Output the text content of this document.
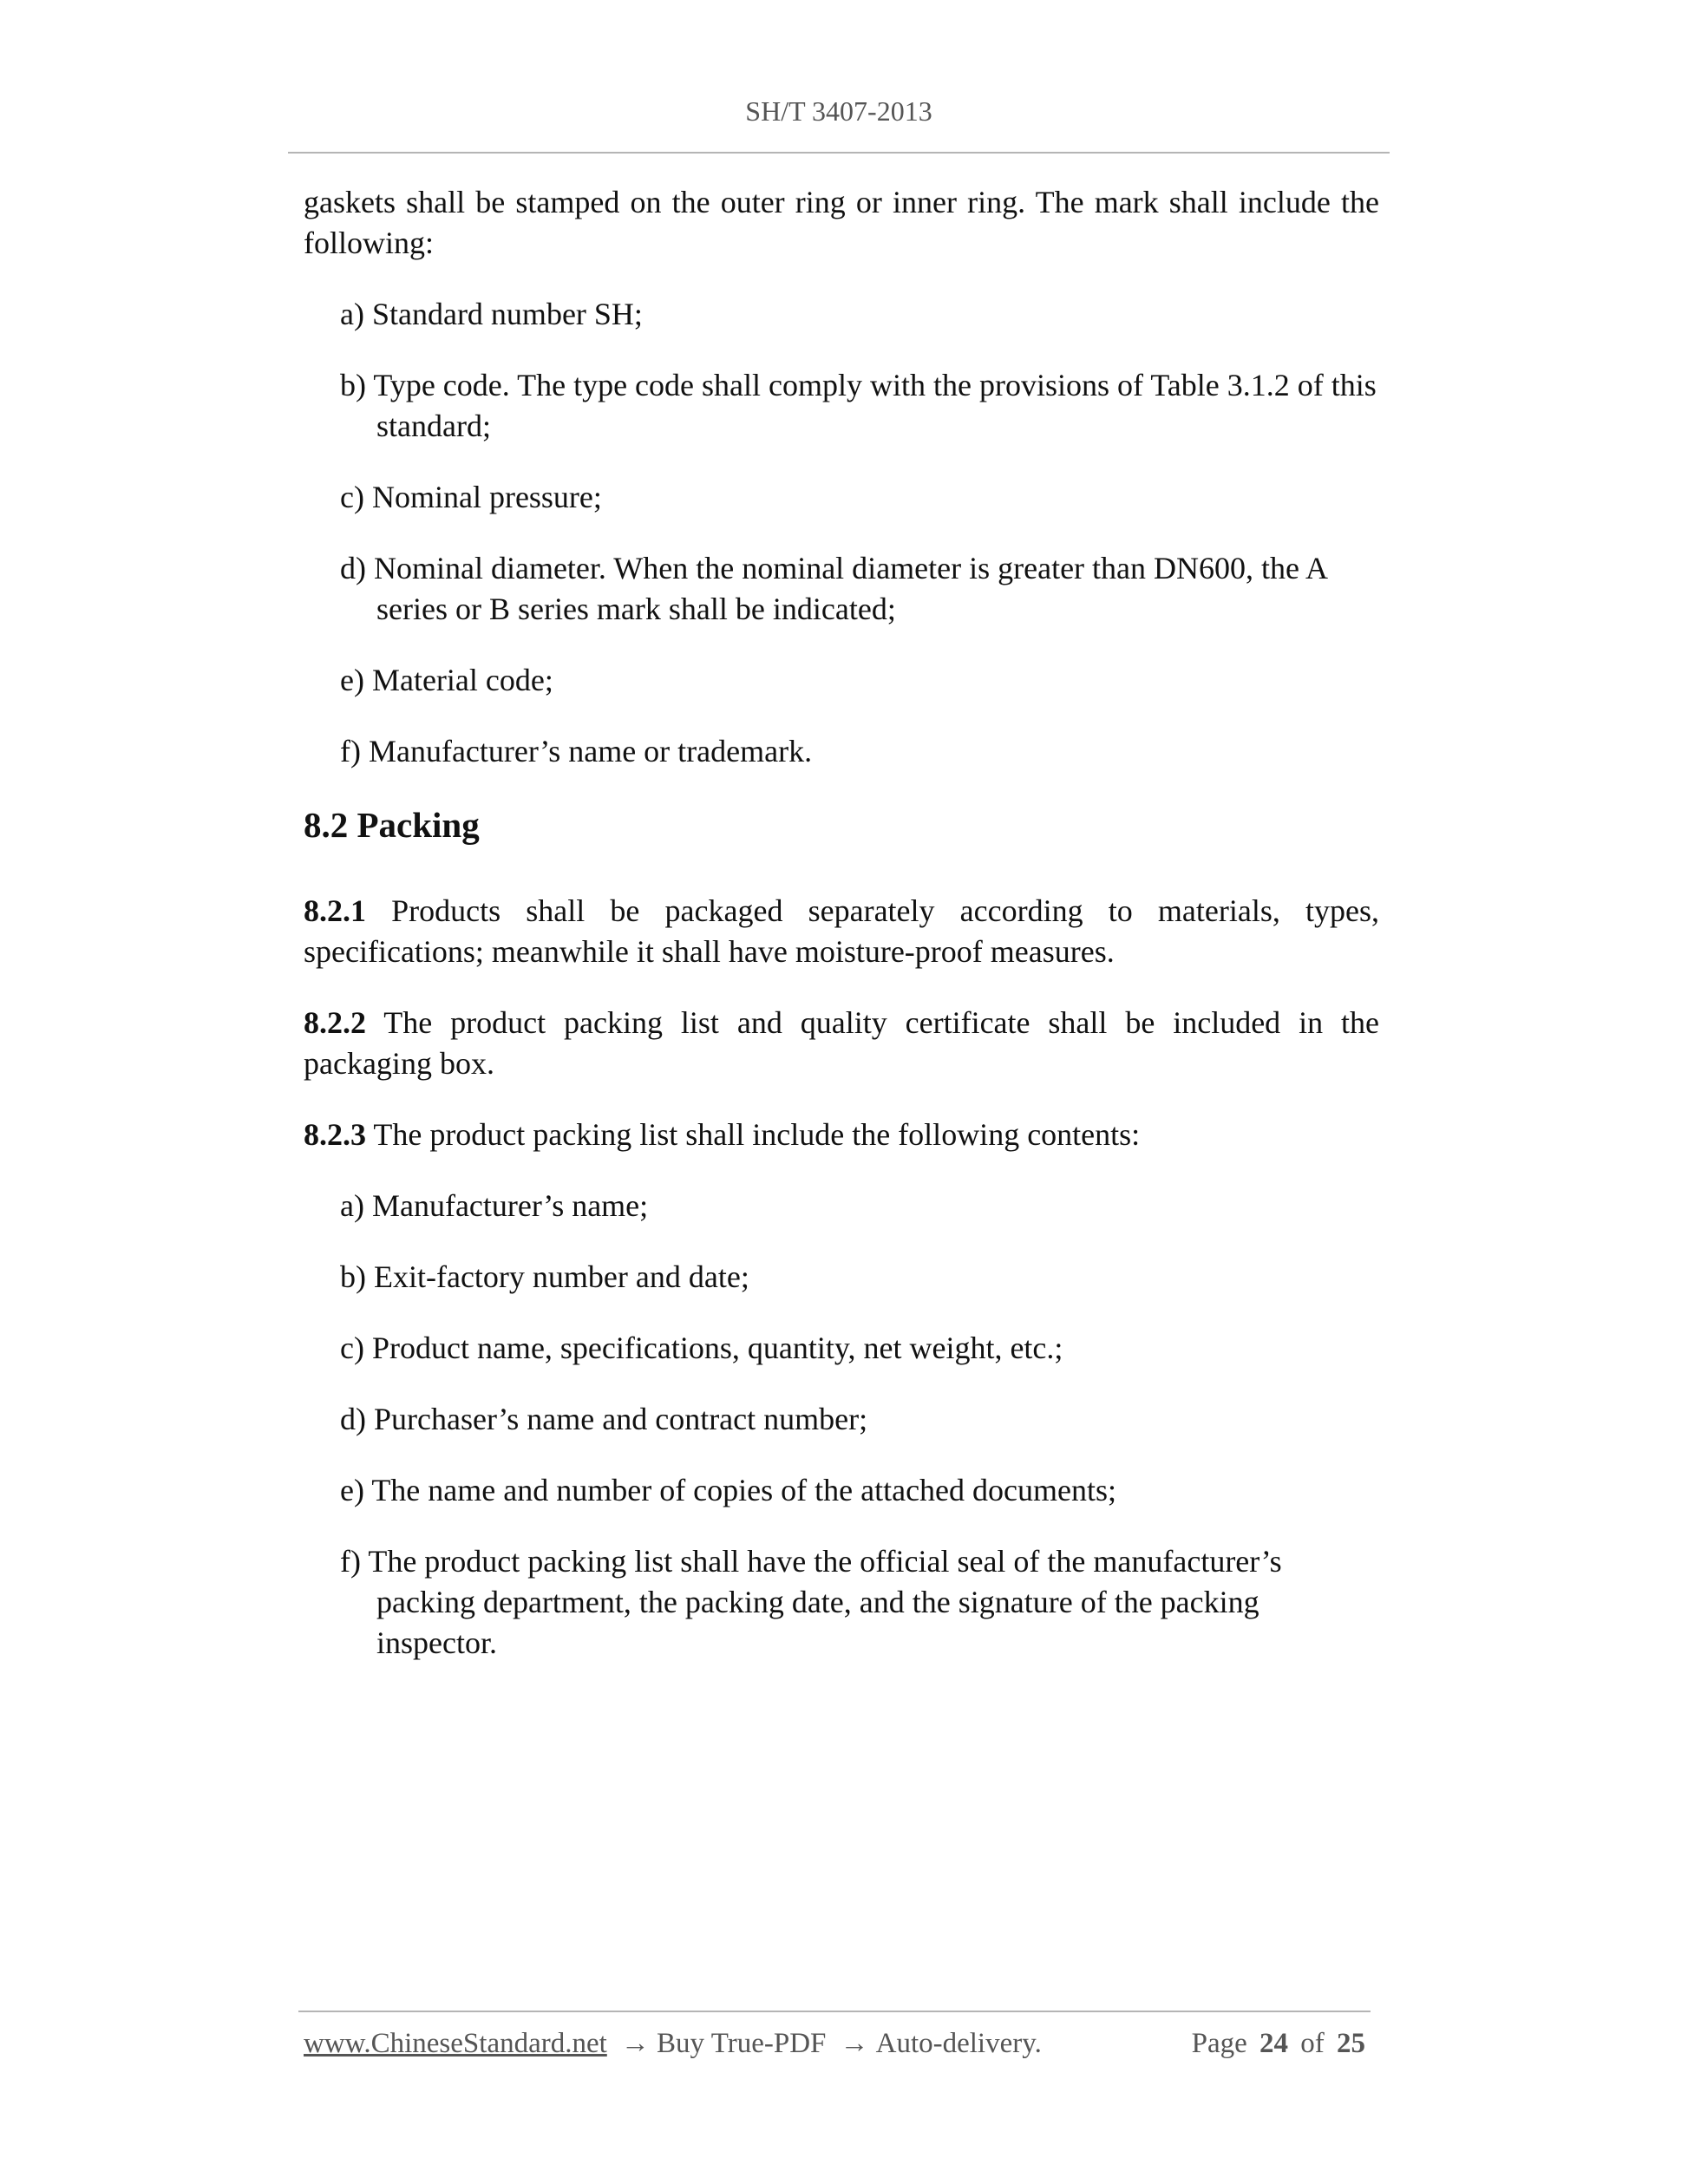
SH/T 3407-2013

gaskets shall be stamped on the outer ring or inner ring. The mark shall include the following:

a) Standard number SH;

b) Type code. The type code shall comply with the provisions of Table 3.1.2 of this standard;

c) Nominal pressure;

d) Nominal diameter. When the nominal diameter is greater than DN600, the A series or B series mark shall be indicated;

e) Material code;

f) Manufacturer’s name or trademark.

8.2 Packing

8.2.1 Products shall be packaged separately according to materials, types, specifications; meanwhile it shall have moisture-proof measures.

8.2.2 The product packing list and quality certificate shall be included in the packaging box.

8.2.3 The product packing list shall include the following contents:

a) Manufacturer’s name;

b) Exit-factory number and date;

c) Product name, specifications, quantity, net weight, etc.;

d) Purchaser’s name and contract number;

e) The name and number of copies of the attached documents;

f) The product packing list shall have the official seal of the manufacturer’s packing department, the packing date, and the signature of the packing inspector.

www.ChineseStandard.net → Buy True-PDF → Auto-delivery.	Page 24 of 25
